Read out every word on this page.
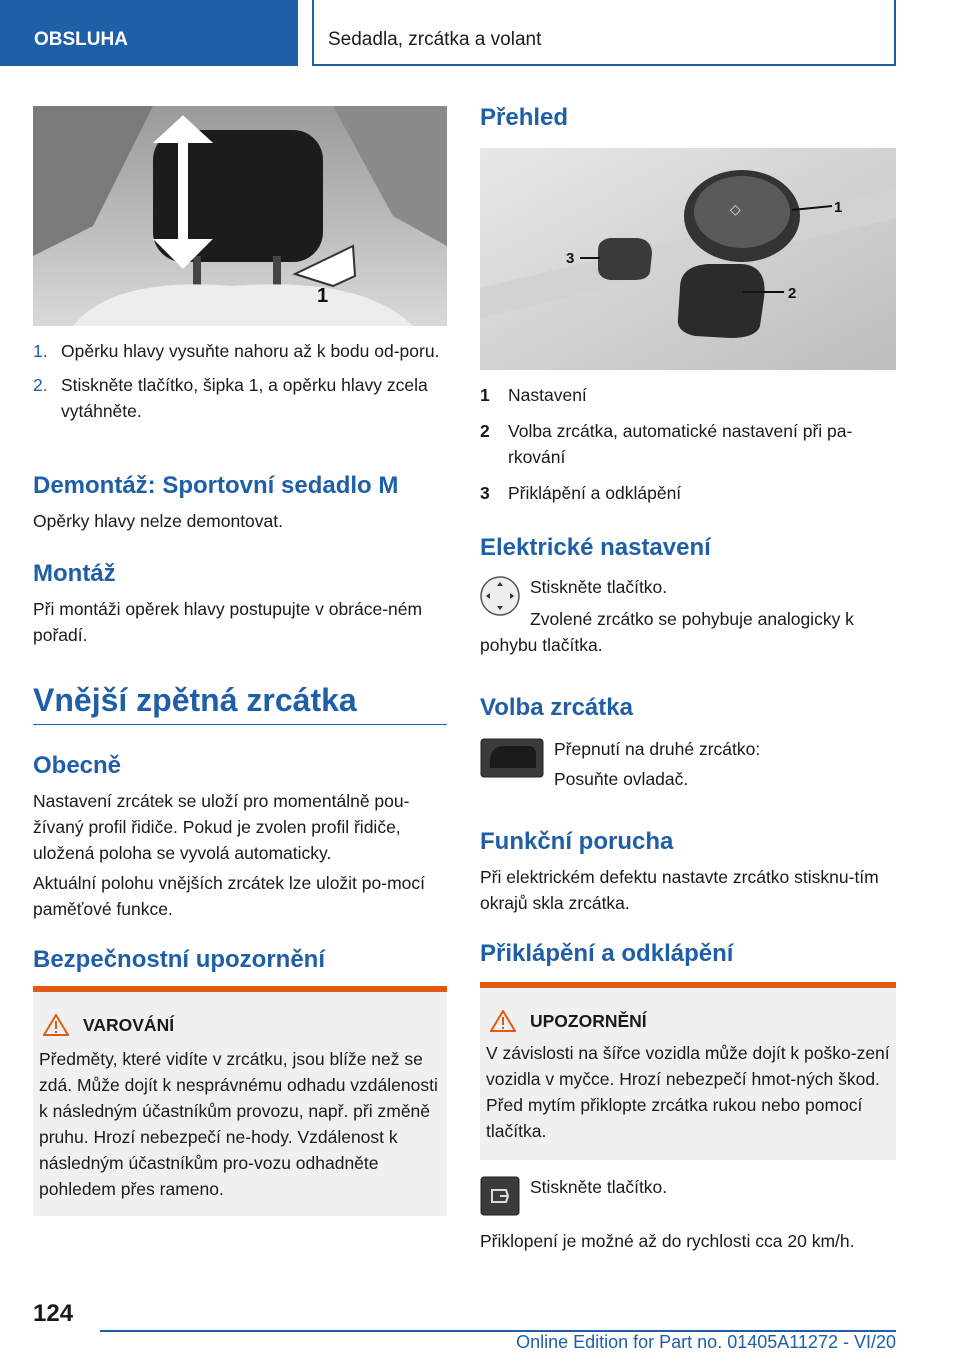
OBSLUHA	Sedadla, zrcátka a volant
1
1. Opěrku hlavy vysuňte nahoru až k bodu od-poru.
2. Stiskněte tlačítko, šipka 1, a opěrku hlavy zcela vytáhněte.
Demontáž: Sportovní sedadlo M
Opěrky hlavy nelze demontovat.
Montáž
Při montáži opěrek hlavy postupujte v obráce-ném pořadí.
Vnější zpětná zrcátka
Obecně
Nastavení zrcátek se uloží pro momentálně pou-žívaný profil řidiče. Pokud je zvolen profil řidiče, uložená poloha se vyvolá automaticky.
Aktuální polohu vnějších zrcátek lze uložit po-mocí paměťové funkce.
Bezpečnostní upozornění
VAROVÁNÍ
Předměty, které vidíte v zrcátku, jsou blíže než se zdá. Může dojít k nesprávnému odhadu vzdálenosti k následným účastníkům provozu, např. při změně pruhu. Hrozí nebezpečí ne-hody. Vzdálenost k následným účastníkům pro-vozu odhadněte pohledem přes rameno.
Přehled
◇	1
2
3
1	Nastavení
2	Volba zrcátka, automatické nastavení při pa-rkování
3	Přiklápění a odklápění
Elektrické nastavení
Stiskněte tlačítko.
Zvolené zrcátko se pohybuje analogicky k pohybu tlačítka.
Volba zrcátka
Přepnutí na druhé zrcátko:
Posuňte ovladač.
Funkční porucha
Při elektrickém defektu nastavte zrcátko stisknu-tím okrajů skla zrcátka.
Přiklápění a odklápění
UPOZORNĚNÍ
V závislosti na šířce vozidla může dojít k poško-zení vozidla v myčce. Hrozí nebezpečí hmot-ných škod. Před mytím přiklopte zrcátka rukou nebo pomocí tlačítka.
Stiskněte tlačítko.
Přiklopení je možné až do rychlosti cca 20 km/h.
124
Online Edition for Part no. 01405A11272 - VI/20
